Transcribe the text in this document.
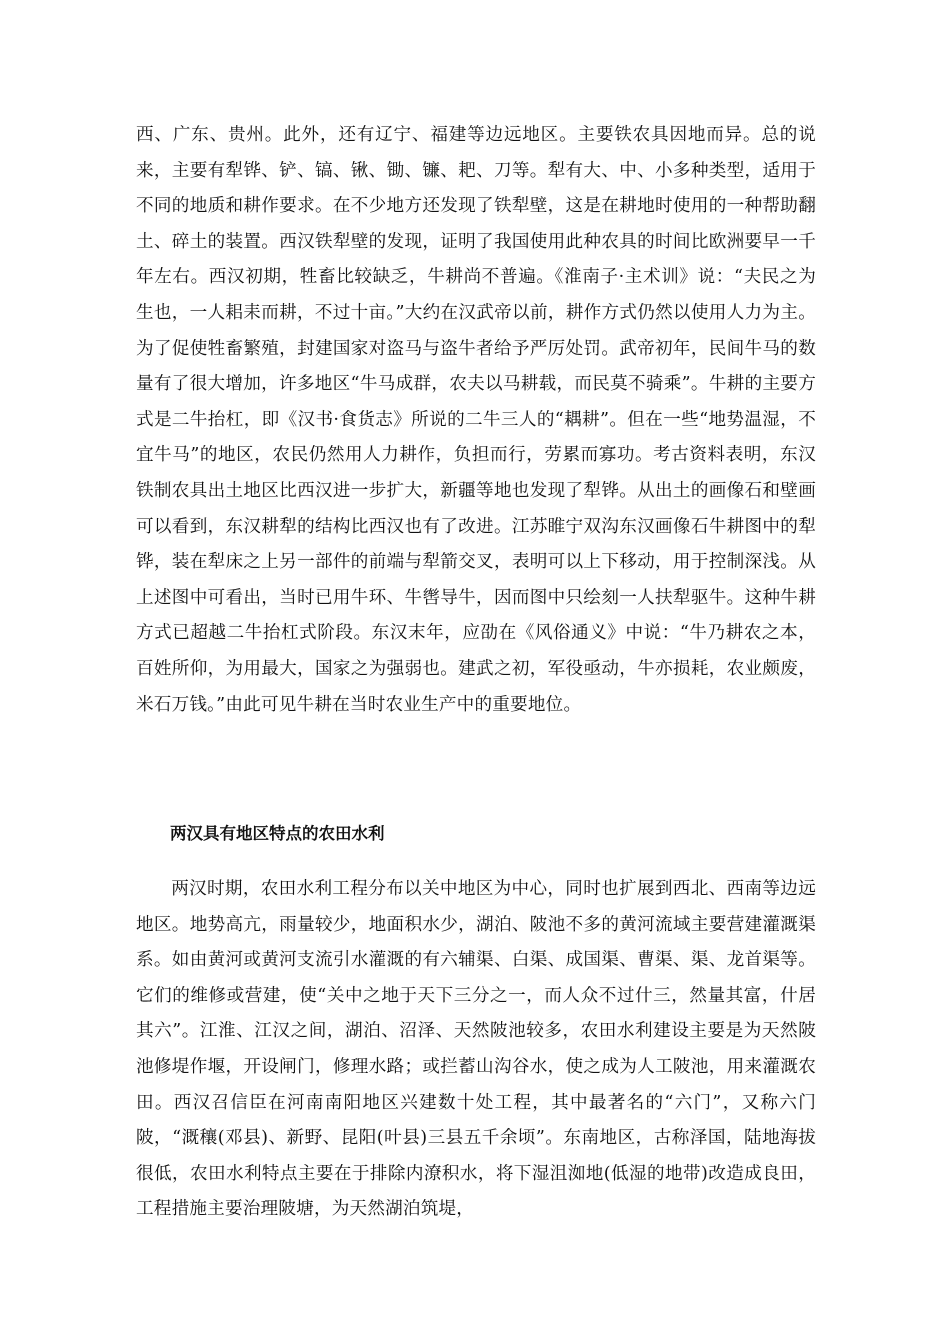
西、广东、贵州。此外，还有辽宁、福建等边远地区。主要铁农具因地而异。总的说来，主要有犁铧、铲、镐、锹、锄、镰、耙、刀等。犁有大、中、小多种类型，适用于不同的地质和耕作要求。在不少地方还发现了铁犁壁，这是在耕地时使用的一种帮助翻土、碎土的装置。西汉铁犁壁的发现，证明了我国使用此种农具的时间比欧洲要早一千年左右。西汉初期，牲畜比较缺乏，牛耕尚不普遍。《淮南子·主术训》说：“夫民之为生也，一人耜耒而耕，不过十亩。”大约在汉武帝以前，耕作方式仍然以使用人力为主。为了促使牲畜繁殖，封建国家对盗马与盗牛者给予严厉处罚。武帝初年，民间牛马的数量有了很大增加，许多地区“牛马成群，农夫以马耕载，而民莫不骑乘”。牛耕的主要方式是二牛抬杠，即《汉书·食货志》所说的二牛三人的“耦耕”。但在一些“地势温湿，不宜牛马”的地区，农民仍然用人力耕作，负担而行，劳累而寡功。考古资料表明，东汉铁制农具出土地区比西汉进一步扩大，新疆等地也发现了犁铧。从出土的画像石和壁画可以看到，东汉耕犁的结构比西汉也有了改进。江苏睢宁双沟东汉画像石牛耕图中的犁铧，装在犁床之上另一部件的前端与犁箭交叉，表明可以上下移动，用于控制深浅。从上述图中可看出，当时已用牛环、牛辔导牛，因而图中只绘刻一人扶犁驱牛。这种牛耕方式已超越二牛抬杠式阶段。东汉末年，应劭在《风俗通义》中说：“牛乃耕农之本，百姓所仰，为用最大，国家之为强弱也。建武之初，军役亟动，牛亦损耗，农业颇废，米石万钱。”由此可见牛耕在当时农业生产中的重要地位。

两汉具有地区特点的农田水利

两汉时期，农田水利工程分布以关中地区为中心，同时也扩展到西北、西南等边远地区。地势高亢，雨量较少，地面积水少，湖泊、陂池不多的黄河流域主要营建灌溉渠系。如由黄河或黄河支流引水灌溉的有六辅渠、白渠、成国渠、曹渠、渠、龙首渠等。它们的维修或营建，使“关中之地于天下三分之一，而人众不过什三，然量其富，什居其六”。江淮、江汉之间，湖泊、沼泽、天然陂池较多，农田水利建设主要是为天然陂池修堤作堰，开设闸门，修理水路；或拦蓄山沟谷水，使之成为人工陂池，用来灌溉农田。西汉召信臣在河南南阳地区兴建数十处工程，其中最著名的“六门”，又称六门陂，“溉穰(邓县)、新野、昆阳(叶县)三县五千余顷”。东南地区，古称泽国，陆地海拔很低，农田水利特点主要在于排除内潦积水，将下湿沮洳地(低湿的地带)改造成良田，工程措施主要治理陂塘，为天然湖泊筑堤，
